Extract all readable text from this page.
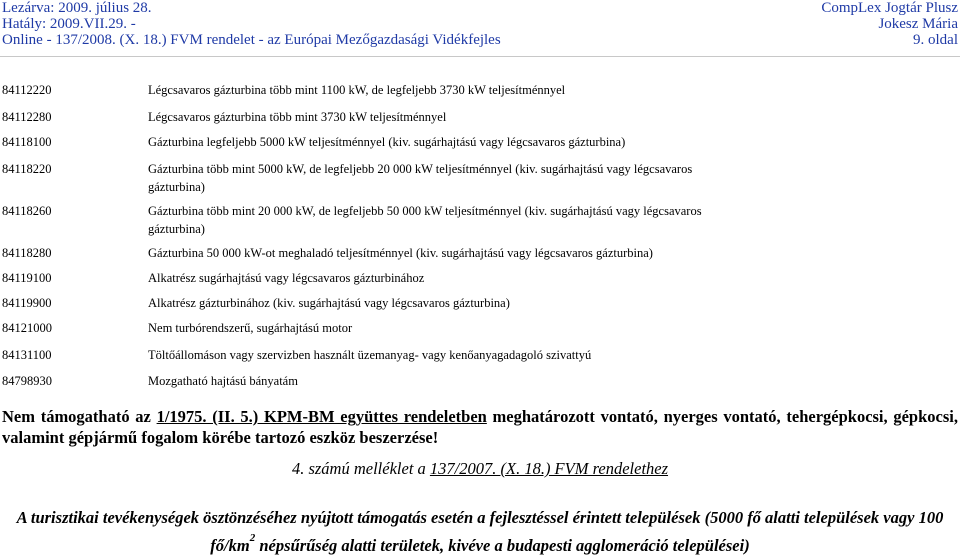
Lezárva: 2009. július 28.
Hatály: 2009.VII.29. -
Online - 137/2008. (X. 18.) FVM rendelet - az Európai Mezőgazdasági Vidékfejles
CompLex Jogtár Plusz
Jokesz Mária
9. oldal
84112220	Légcsavaros gázturbina több mint 1100 kW, de legfeljebb 3730 kW teljesítménnyel
84112280	Légcsavaros gázturbina több mint 3730 kW teljesítménnyel
84118100	Gázturbina legfeljebb 5000 kW teljesítménnyel (kiv. sugárhajtású vagy légcsavaros gázturbina)
84118220	Gázturbina több mint 5000 kW, de legfeljebb 20 000 kW teljesítménnyel (kiv. sugárhajtású vagy légcsavaros gázturbina)
84118260	Gázturbina több mint 20 000 kW, de legfeljebb 50 000 kW teljesítménnyel (kiv. sugárhajtású vagy légcsavaros gázturbina)
84118280	Gázturbina 50 000 kW-ot meghaladó teljesítménnyel (kiv. sugárhajtású vagy légcsavaros gázturbina)
84119100	Alkatrész sugárhajtású vagy légcsavaros gázturbinához
84119900	Alkatrész gázturbinához (kiv. sugárhajtású vagy légcsavaros gázturbina)
84121000	Nem turbórendszerű, sugárhajtású motor
84131100	Töltőállomáson vagy szervizben használt üzemanyag- vagy kenőanyagadagoló szivattyú
84798930	Mozgatható hajtású bányatám
Nem támogatható az 1/1975. (II. 5.) KPM-BM együttes rendeletben meghatározott vontató, nyerges vontató, tehergépkocsi, gépkocsi, valamint gépjármű fogalom körébe tartozó eszköz beszerzése!
4. számú melléklet a 137/2007. (X. 18.) FVM rendelethez
A turisztikai tevékenységek ösztönzéséhez nyújtott támogatás esetén a fejlesztéssel érintett települések (5000 fő alatti települések vagy 100
$fő/km^2$ népsűrűség alatti területek, kivéve a budapesti agglomeráció települései)
